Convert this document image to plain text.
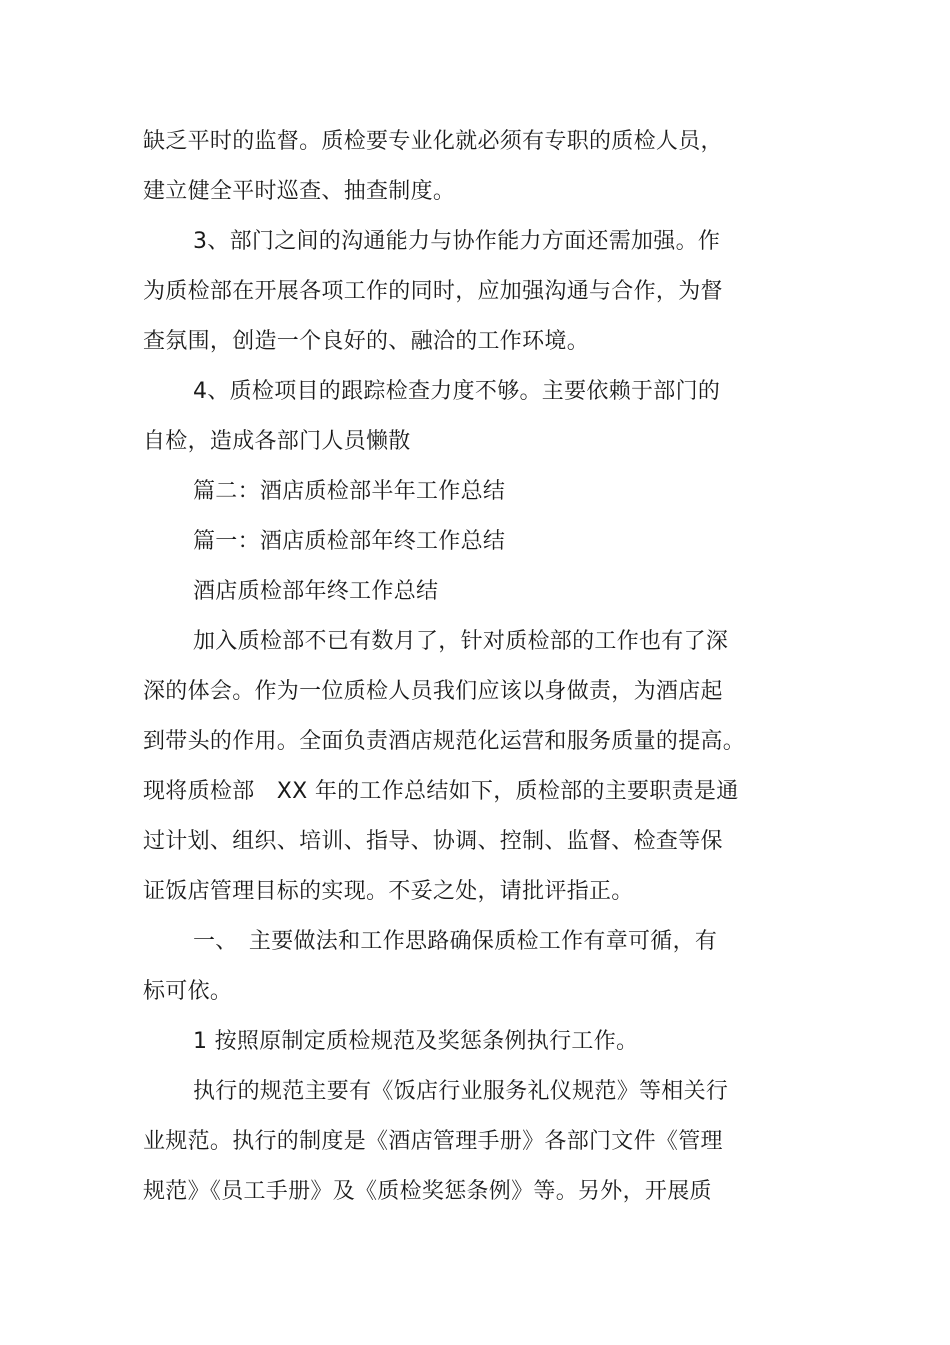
缺乏平时的监督。质检要专业化就必须有专职的质检人员，
建立健全平时巡查、抽查制度。
3、部门之间的沟通能力与协作能力方面还需加强。作
为质检部在开展各项工作的同时，应加强沟通与合作，为督
查氛围，创造一个良好的、融洽的工作环境。
4、质检项目的跟踪检查力度不够。主要依赖于部门的
自检，造成各部门人员懒散
篇二：酒店质检部半年工作总结
篇一：酒店质检部年终工作总结
酒店质检部年终工作总结
加入质检部不已有数月了，针对质检部的工作也有了深
深的体会。作为一位质检人员我们应该以身做责，为酒店起
到带头的作用。全面负责酒店规范化运营和服务质量的提高。
现将质检部　XX 年的工作总结如下，质检部的主要职责是通
过计划、组织、培训、指导、协调、控制、监督、检查等保
证饭店管理目标的实现。不妥之处，请批评指正。
一、　主要做法和工作思路确保质检工作有章可循，有
标可依。
1 按照原制定质检规范及奖惩条例执行工作。
执行的规范主要有《饭店行业服务礼仪规范》等相关行
业规范。执行的制度是《酒店管理手册》各部门文件《管理
规范》《员工手册》及《质检奖惩条例》等。另外，开展质
